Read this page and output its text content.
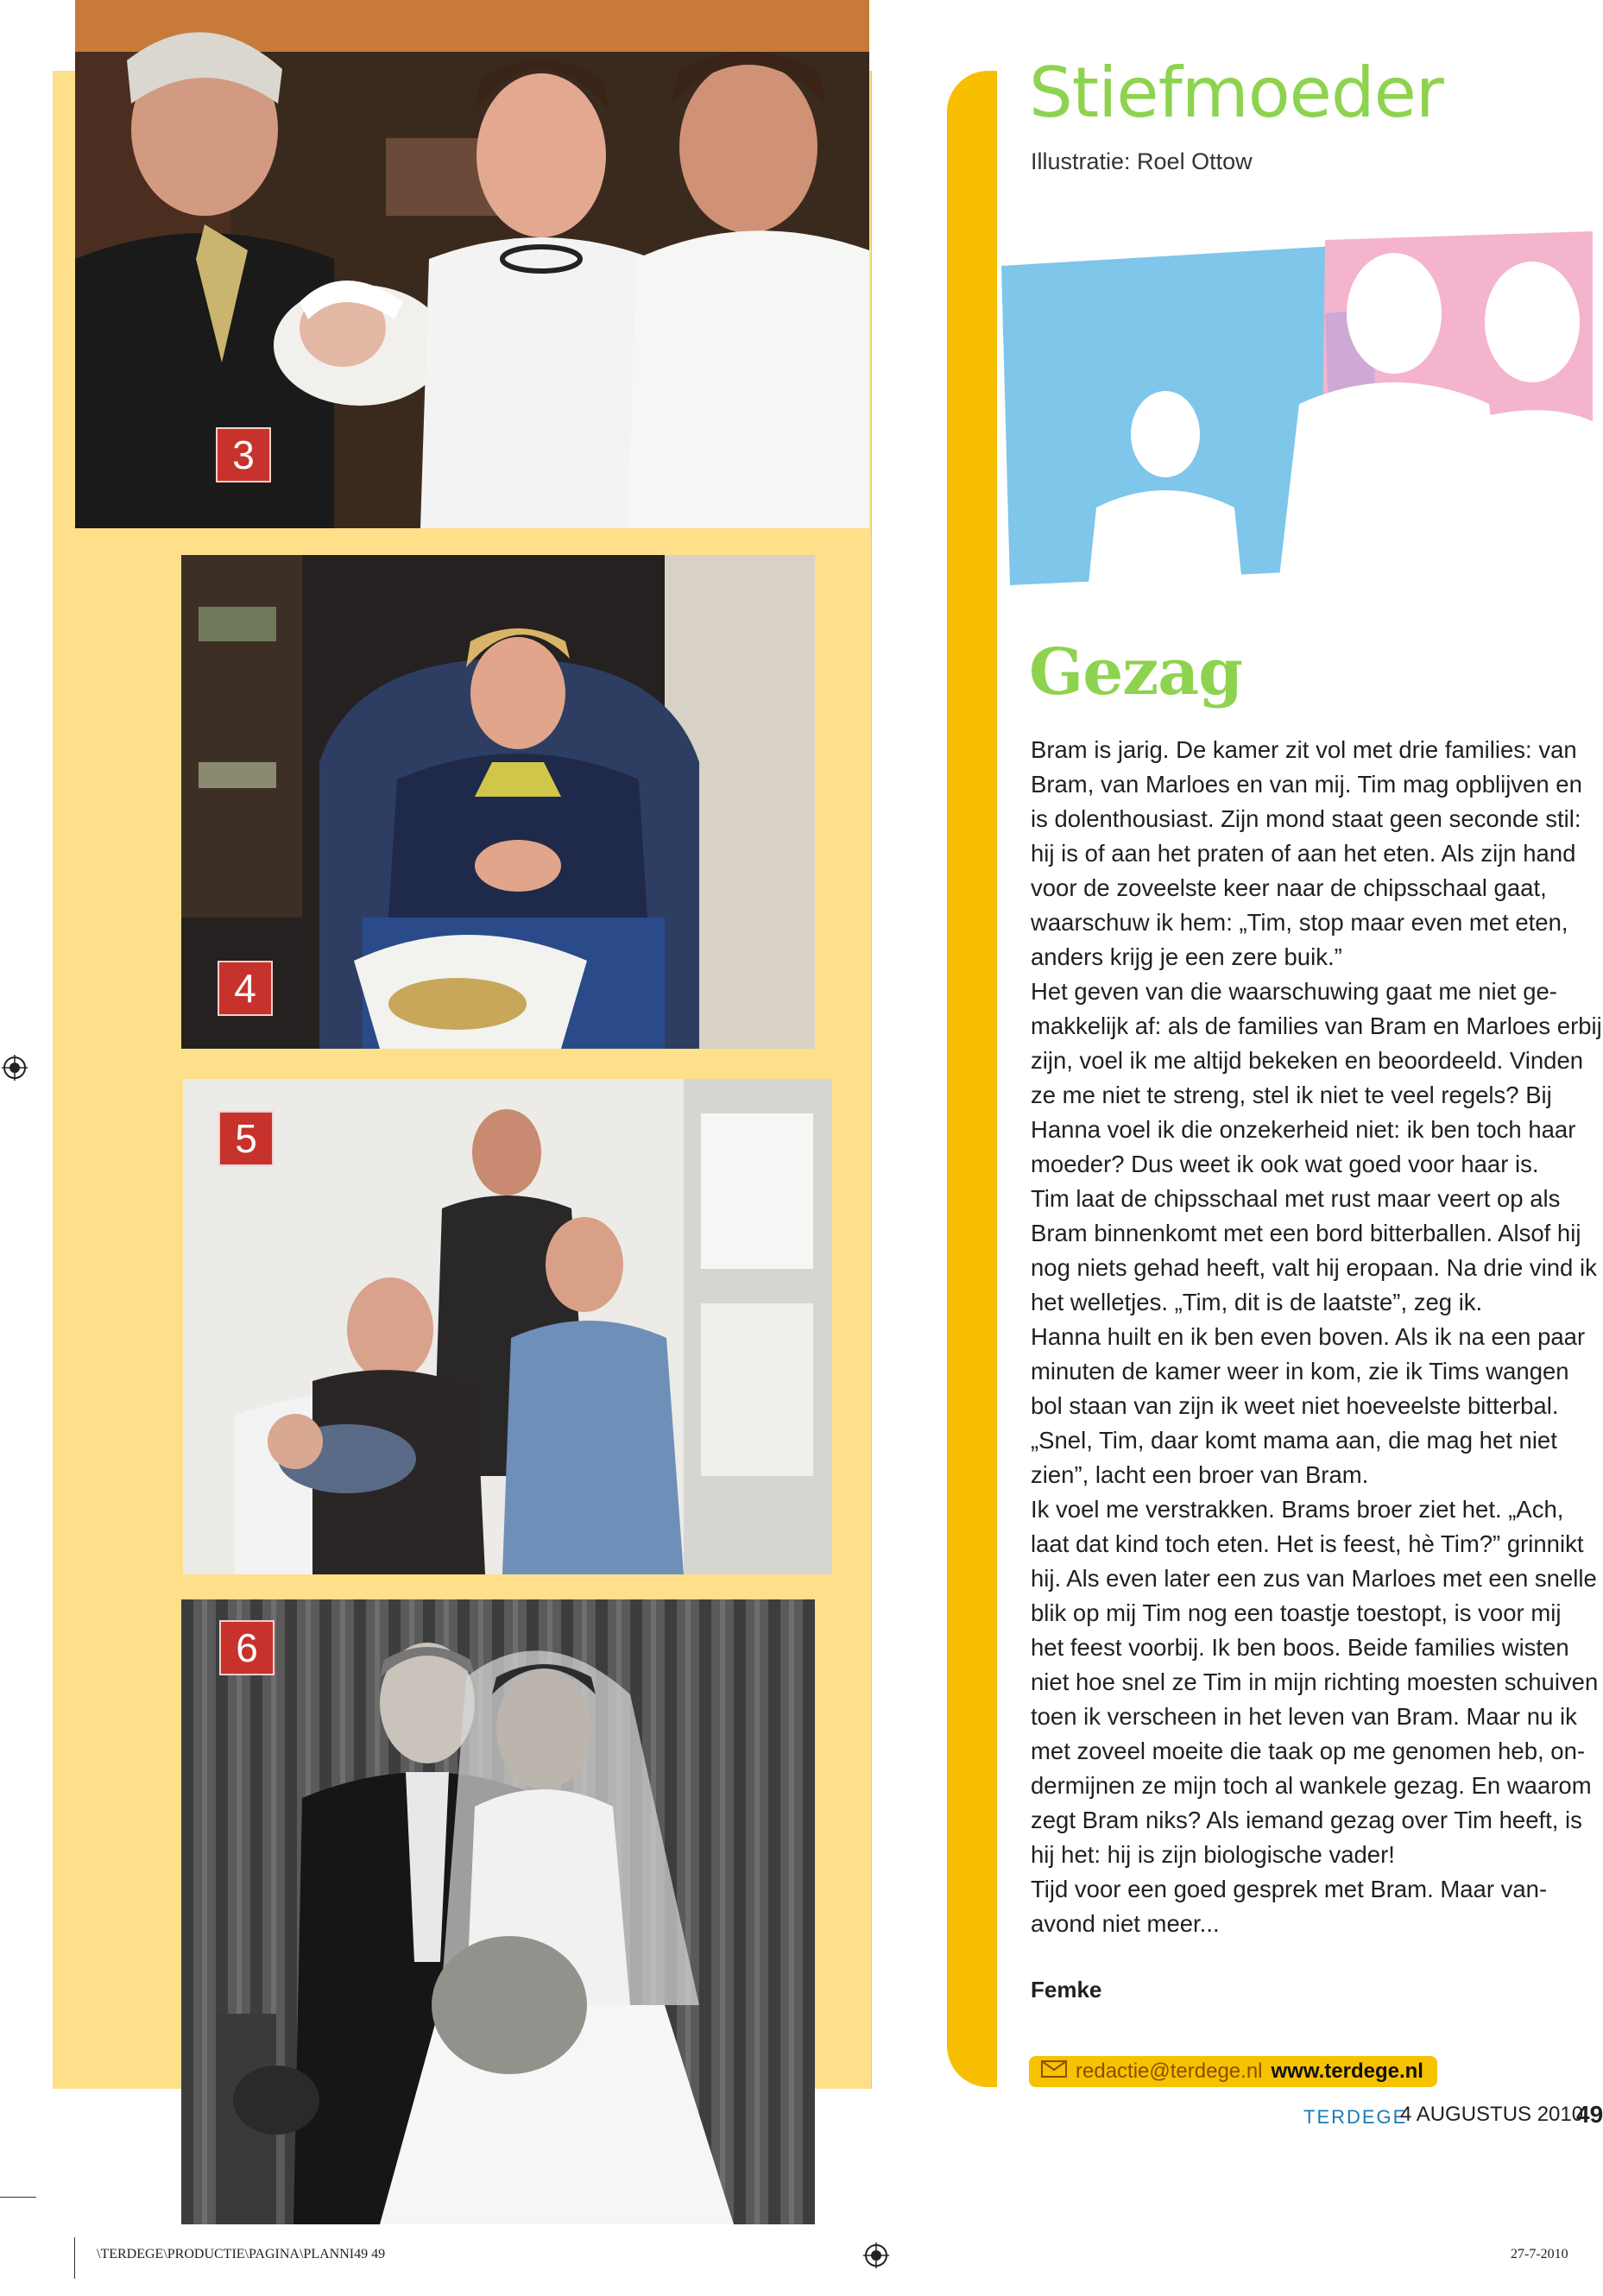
3
4
5
6
Stiefmoeder
Illustratie: Roel Ottow
Gezag

Bram is jarig. De kamer zit vol met drie families: van
Bram, van Marloes en van mij. Tim mag opblijven en
is dolenthousiast. Zijn mond staat geen seconde stil:
hij is of aan het praten of aan het eten. Als zijn hand
voor de zoveelste keer naar de chipsschaal gaat,
waarschuw ik hem: „Tim, stop maar even met eten,
anders krijg je een zere buik.”

Het geven van die waarschuwing gaat me niet ge-
makkelijk af: als de families van Bram en Marloes erbij
zijn, voel ik me altijd bekeken en beoordeeld. Vinden
ze me niet te streng, stel ik niet te veel regels? Bij
Hanna voel ik die onzekerheid niet: ik ben toch haar
moeder? Dus weet ik ook wat goed voor haar is.

Tim laat de chipsschaal met rust maar veert op als
Bram binnenkomt met een bord bitterballen. Alsof hij
nog niets gehad heeft, valt hij eropaan. Na drie vind ik
het welletjes. „Tim, dit is de laatste”, zeg ik.

Hanna huilt en ik ben even boven. Als ik na een paar
minuten de kamer weer in kom, zie ik Tims wangen
bol staan van zijn ik weet niet hoeveelste bitterbal.
„Snel, Tim, daar komt mama aan, die mag het niet
zien”, lacht een broer van Bram.

Ik voel me verstrakken. Brams broer ziet het. „Ach,
laat dat kind toch eten. Het is feest, hè Tim?” grinnikt
hij. Als even later een zus van Marloes met een snelle
blik op mij Tim nog een toastje toestopt, is voor mij
het feest voorbij. Ik ben boos. Beide families wisten
niet hoe snel ze Tim in mijn richting moesten schuiven
toen ik verscheen in het leven van Bram. Maar nu ik
met zoveel moeite die taak op me genomen heb, on-
dermijnen ze mijn toch al wankele gezag. En waarom
zegt Bram niks? Als iemand gezag over Tim heeft, is
hij het: hij is zijn biologische vader!

Tijd voor een goed gesprek met Bram. Maar van-
avond niet meer...

Femke
redactie@terdege.nl www.terdege.nl
TERDEGE
4 AUGUSTUS 2010
49
\TERDEGE\PRODUCTIE\PAGINA\PLANNI49 49	27-7-2010
